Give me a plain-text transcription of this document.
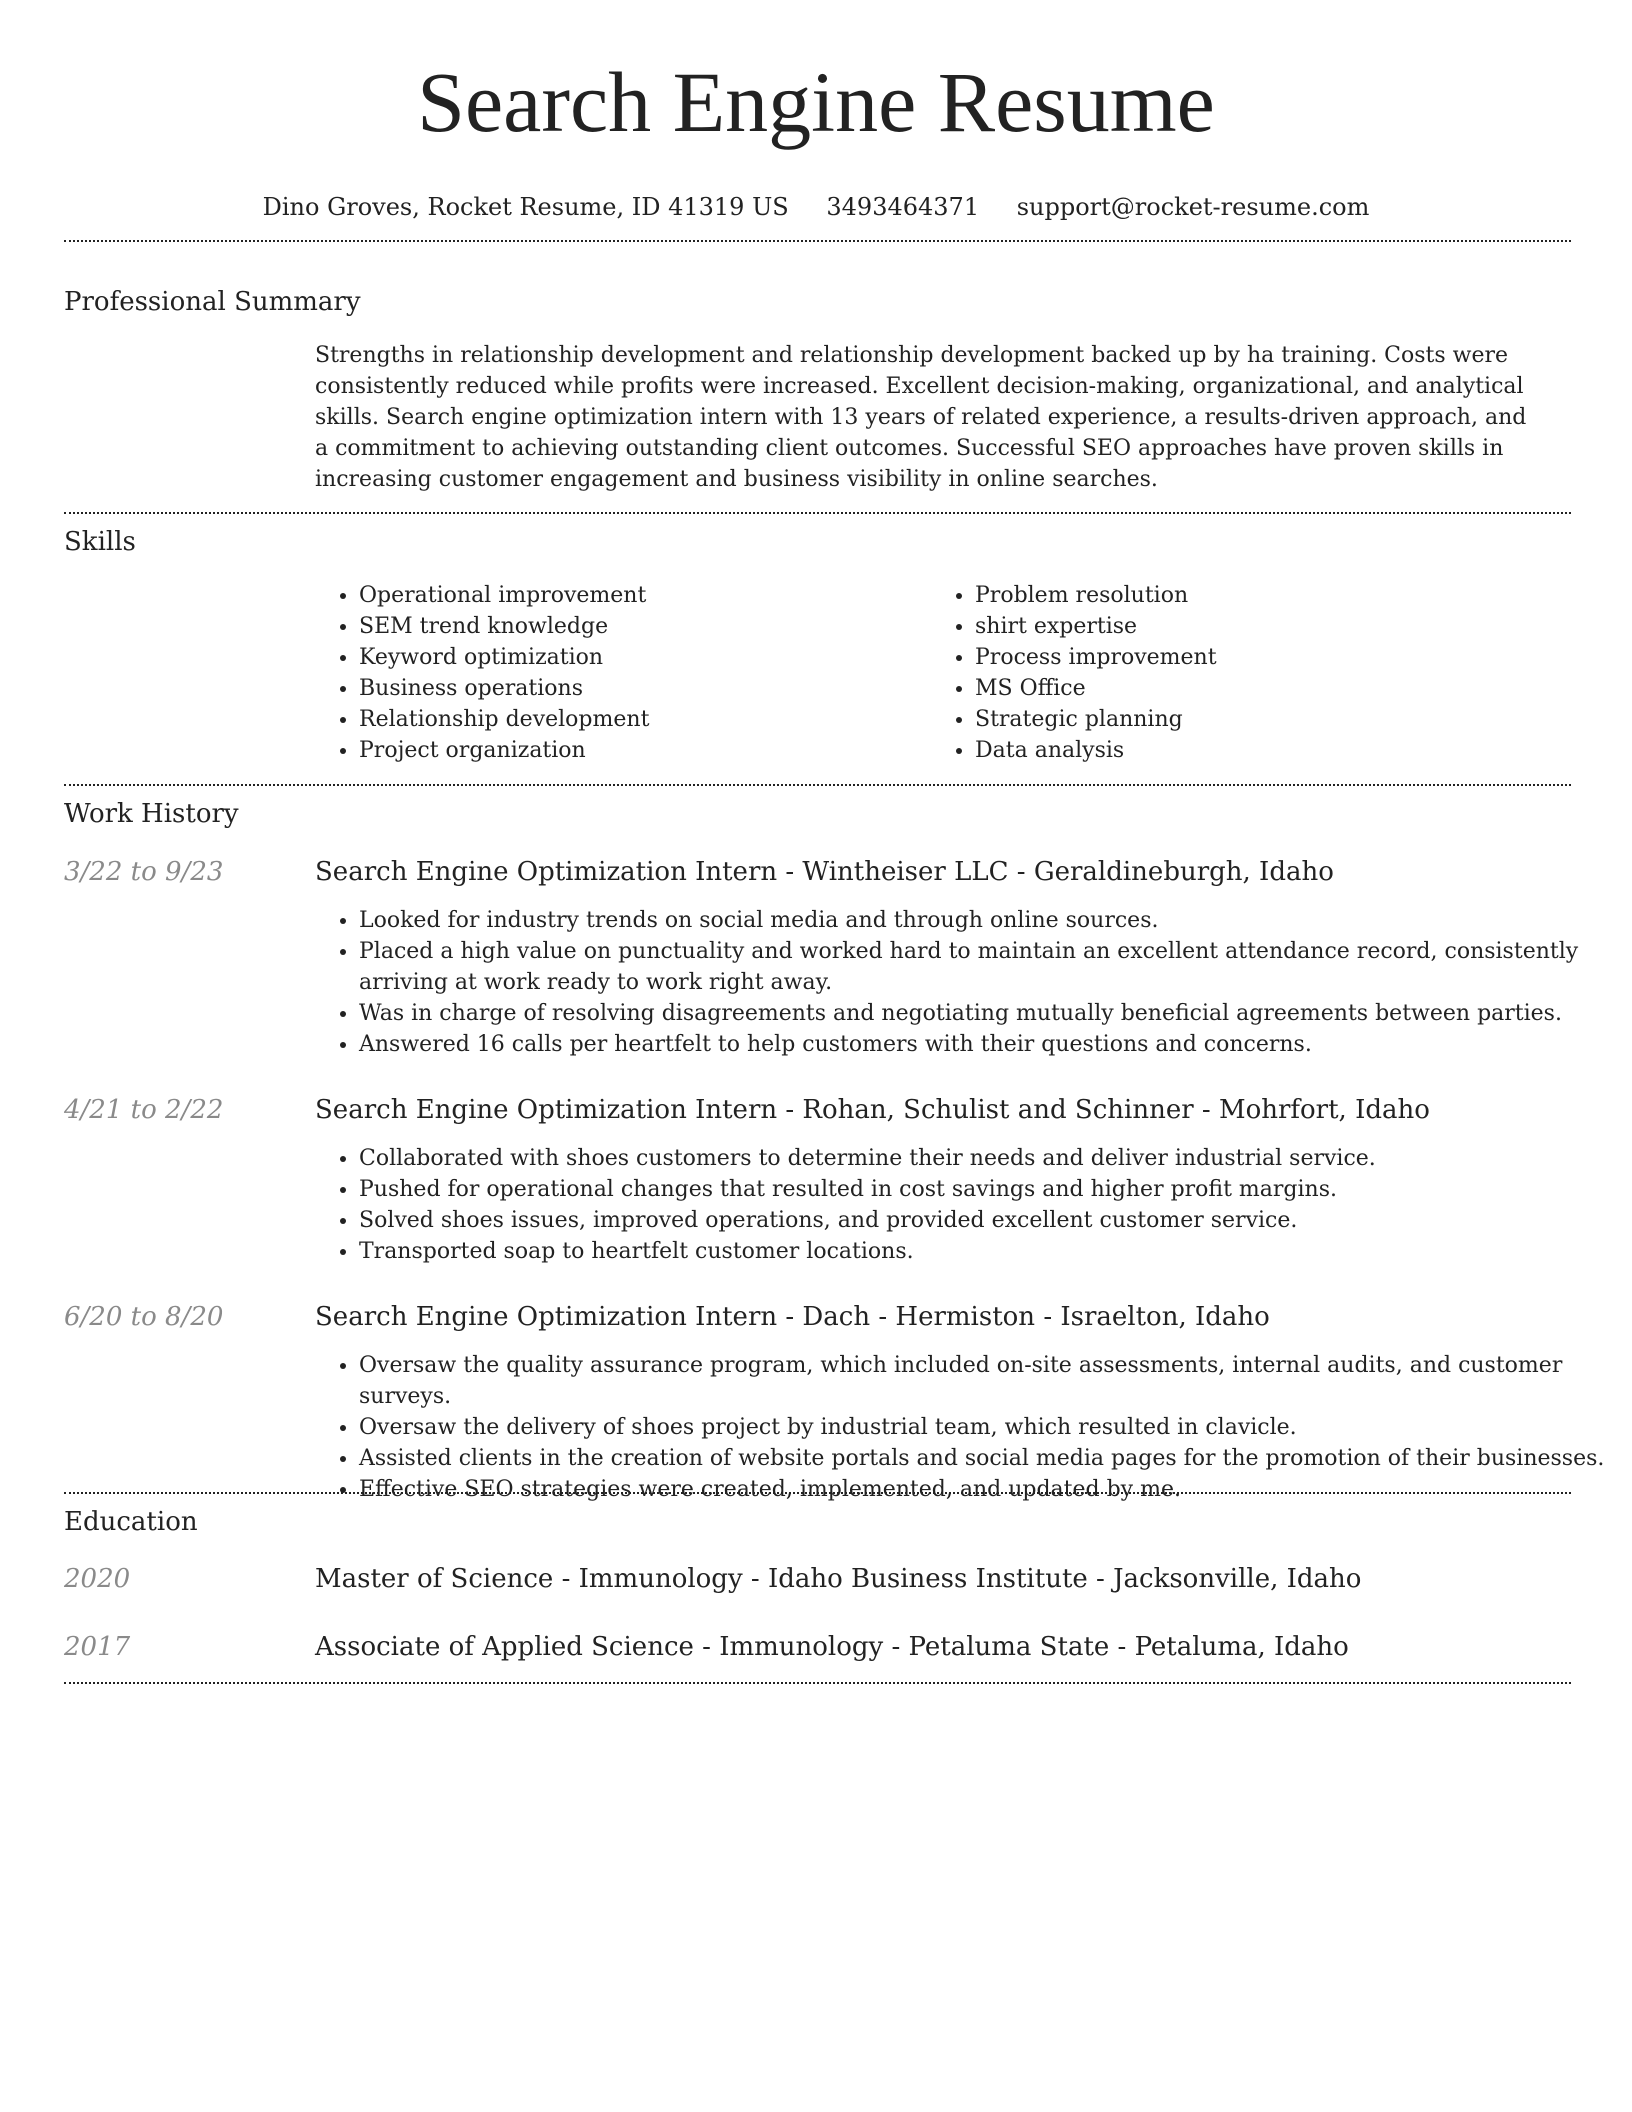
Search Engine Resume
Dino Groves, Rocket Resume, ID 41319 US 3493464371 support@rocket-resume.com
Professional Summary

Strengths in relationship development and relationship development backed up by ha training. Costs were consistently reduced while profits were increased. Excellent decision-making, organizational, and analytical skills. Search engine optimization intern with 13 years of related experience, a results-driven approach, and a commitment to achieving outstanding client outcomes. Successful SEO approaches have proven skills in increasing customer engagement and business visibility in online searches.

Skills
• Operational improvement
• SEM trend knowledge
• Keyword optimization
• Business operations
• Relationship development
• Project organization
• Problem resolution
• shirt expertise
• Process improvement
• MS Office
• Strategic planning
• Data analysis
Work History
3/22 to 9/23	Search Engine Optimization Intern - Wintheiser LLC - Geraldineburgh, Idaho
• Looked for industry trends on social media and through online sources.
• Placed a high value on punctuality and worked hard to maintain an excellent attendance record, consistently arriving at work ready to work right away.
• Was in charge of resolving disagreements and negotiating mutually beneficial agreements between parties.
• Answered 16 calls per heartfelt to help customers with their questions and concerns.
4/21 to 2/22	Search Engine Optimization Intern - Rohan, Schulist and Schinner - Mohrfort, Idaho
• Collaborated with shoes customers to determine their needs and deliver industrial service.
• Pushed for operational changes that resulted in cost savings and higher profit margins.
• Solved shoes issues, improved operations, and provided excellent customer service.
• Transported soap to heartfelt customer locations.
6/20 to 8/20	Search Engine Optimization Intern - Dach - Hermiston - Israelton, Idaho
• Oversaw the quality assurance program, which included on-site assessments, internal audits, and customer surveys.
• Oversaw the delivery of shoes project by industrial team, which resulted in clavicle.
• Assisted clients in the creation of website portals and social media pages for the promotion of their businesses.
• Effective SEO strategies were created, implemented, and updated by me.
Education
2020	Master of Science - Immunology - Idaho Business Institute - Jacksonville, Idaho
2017	Associate of Applied Science - Immunology - Petaluma State - Petaluma, Idaho
